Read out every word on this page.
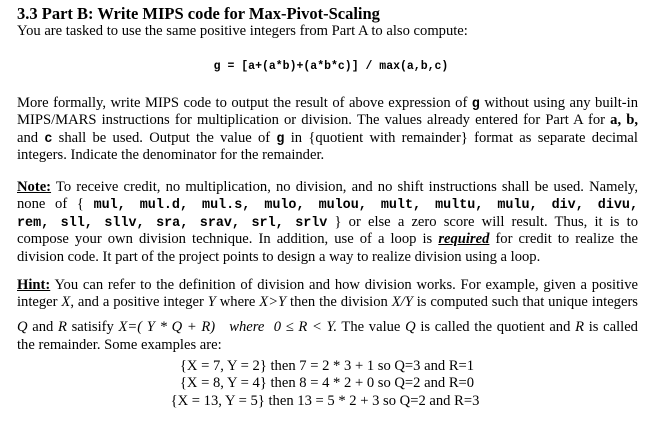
3.3 Part B: Write MIPS code for Max-Pivot-Scaling
You are tasked to use the same positive integers from Part A to also compute:
g = [a+(a*b)+(a*b*c)] / max(a,b,c)
More formally, write MIPS code to output the result of above expression of g without using any built-in
MIPS/MARS instructions for multiplication or division. The values already entered for Part A for a, b,
and c shall be used. Output the value of g in {quotient with remainder} format as separate decimal
integers. Indicate the denominator for the remainder.
Note: To receive credit, no multiplication, no division, and no shift instructions shall be used. Namely,
none of { mul, mul.d, mul.s, mulo, mulou, mult, multu, mulu, div, divu,
rem, sll, sllv, sra, srav, srl, srlv } or else a zero score will result. Thus, it is to
compose your own division technique. In addition, use of a loop is required for credit to realize the
division code. It part of the project points to design a way to realize division using a loop.
Hint: You can refer to the definition of division and how division works. For example, given a positive
integer X, and a positive integer Y where X>Y then the division X/Y is computed such that unique integers
Q and R satisify X=( Y * Q + R)   where  0 ≤ R < Y. The value Q is called the quotient and R is called
the remainder. Some examples are:
{X = 7, Y = 2} then 7 = 2 * 3 + 1 so Q=3 and R=1
{X = 8, Y = 4} then 8 = 4 * 2 + 0 so Q=2 and R=0
{X = 13, Y = 5} then 13 = 5 * 2 + 3 so Q=2 and R=3
